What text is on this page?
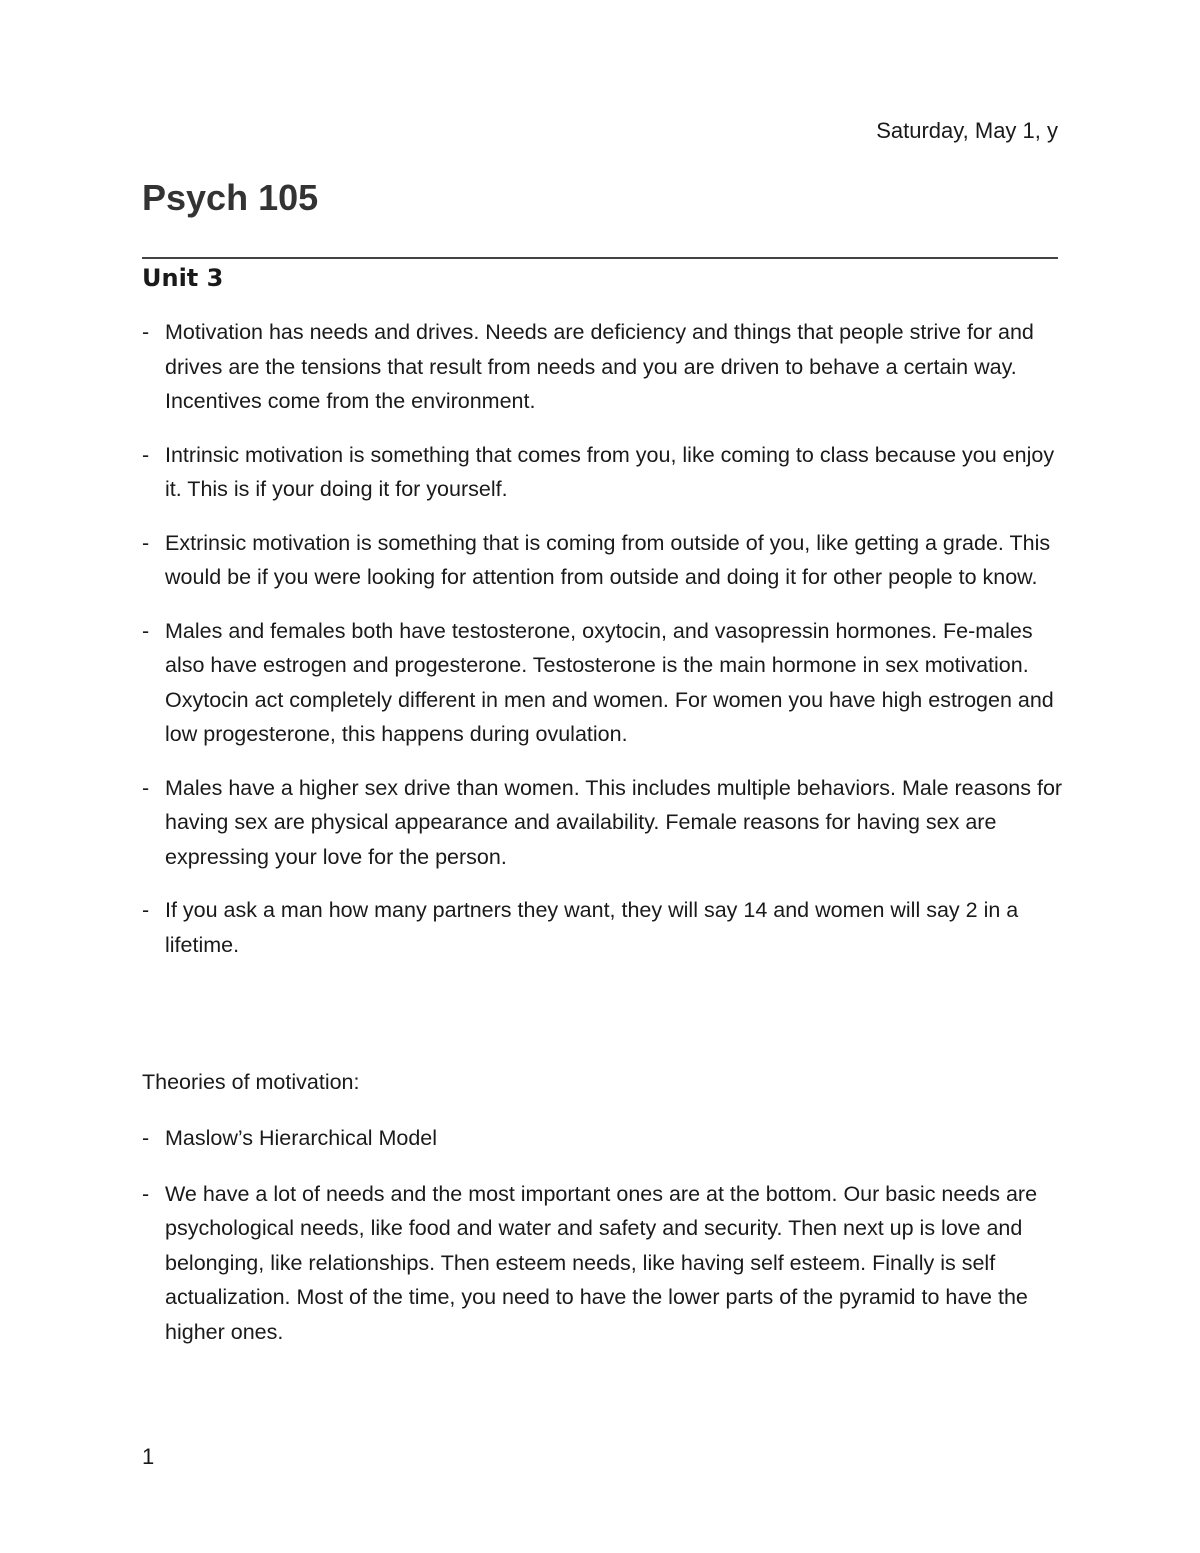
Saturday, May 1, y
Psych 105
Unit 3
- Motivation has needs and drives. Needs are deficiency and things that people strive for and drives are the tensions that result from needs and you are driven to behave a certain way. Incentives come from the environment.
- Intrinsic motivation is something that comes from you, like coming to class because you enjoy it. This is if your doing it for yourself.
- Extrinsic motivation is something that is coming from outside of you, like getting a grade. This would be if you were looking for attention from outside and doing it for other people to know.
- Males and females both have testosterone, oxytocin, and vasopressin hormones. Fe-males also have estrogen and progesterone. Testosterone is the main hormone in sex motivation. Oxytocin act completely different in men and women. For women you have high estrogen and low progesterone, this happens during ovulation.
- Males have a higher sex drive than women. This includes multiple behaviors. Male reasons for having sex are physical appearance and availability. Female reasons for having sex are expressing your love for the person.
- If you ask a man how many partners they want, they will say 14 and women will say 2 in a lifetime.

Theories of motivation:

- Maslow’s Hierarchical Model
- We have a lot of needs and the most important ones are at the bottom. Our basic needs are psychological needs, like food and water and safety and security. Then next up is love and belonging, like relationships. Then esteem needs, like having self esteem. Finally is self actualization. Most of the time, you need to have the lower parts of the pyramid to have the higher ones.
1
